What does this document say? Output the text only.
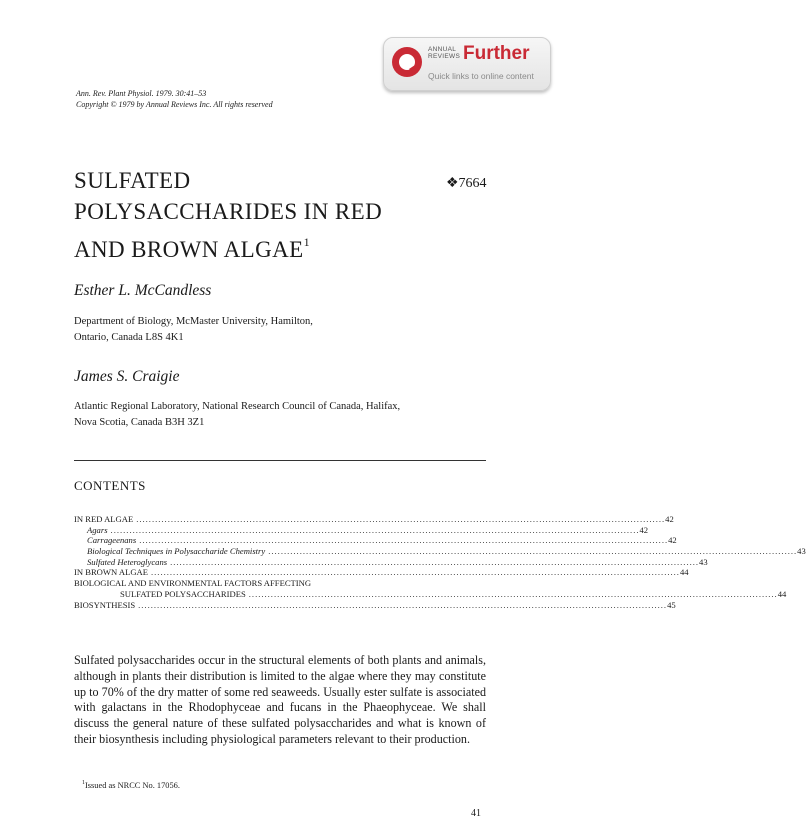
ANNUAL
REVIEWS Further
Quick links to online content
Ann. Rev. Plant Physiol. 1979. 30:41–53
Copyright © 1979 by Annual Reviews Inc. All rights reserved
SULFATED
POLYSACCHARIDES IN RED
AND BROWN ALGAE$^1$
❖7664
Esther L. McCandless
Department of Biology, McMaster University, Hamilton,
Ontario, Canada L8S 4K1
James S. Craigie
Atlantic Regional Laboratory, National Research Council of Canada, Halifax,
Nova Scotia, Canada B3H 3Z1
CONTENTS
IN RED ALGAE ........................................................................................................................................................................ 42
Agars ........................................................................................................................................................................ 42
Carrageenans ........................................................................................................................................................................ 42
Biological Techniques in Polysaccharide Chemistry ........................................................................................................................................................................ 43
Sulfated Heteroglycans ........................................................................................................................................................................ 43
IN BROWN ALGAE ........................................................................................................................................................................ 44
BIOLOGICAL AND ENVIRONMENTAL FACTORS AFFECTING
SULFATED POLYSACCHARIDES ........................................................................................................................................................................ 44
BIOSYNTHESIS ........................................................................................................................................................................ 45
Sulfated polysaccharides occur in the structural elements of both plants and animals, although in plants their distribution is limited to the algae where they may constitute up to 70% of the dry matter of some red seaweeds. Usually ester sulfate is associated with galactans in the Rhodophyceae and fucans in the Phaeophyceae. We shall discuss the general nature of these sulfated polysaccharides and what is known of their biosynthesis including physiological parameters relevant to their production.
$^1$Issued as NRCC No. 17056.
41
